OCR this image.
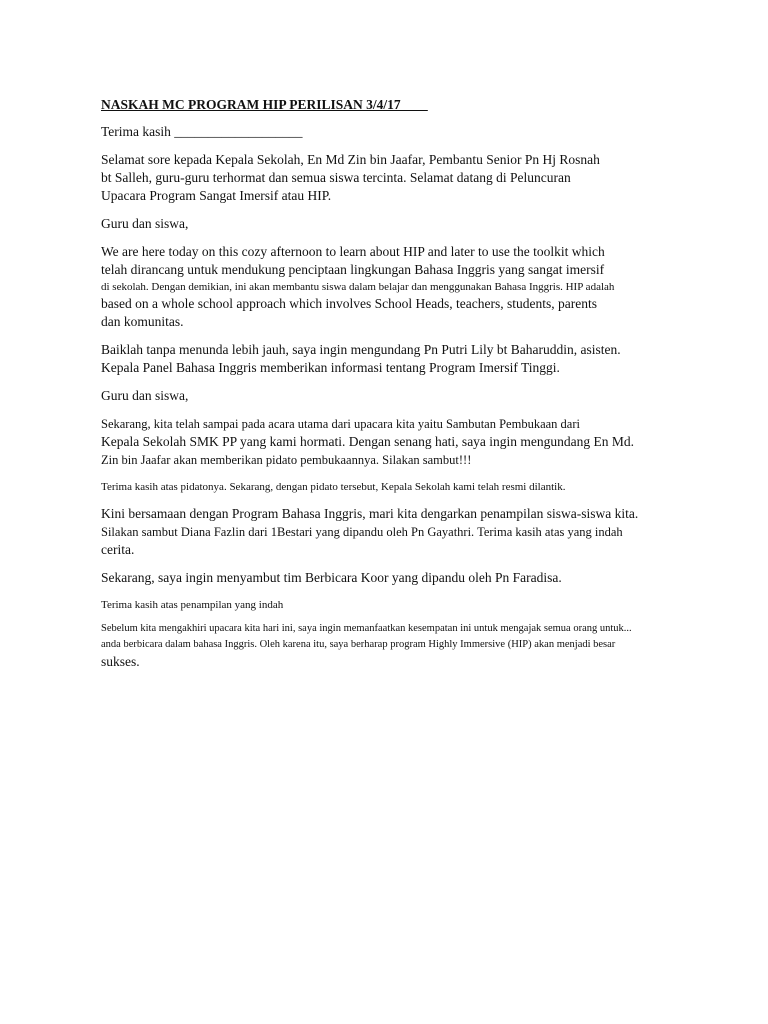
NASKAH MC PROGRAM HIP PERILISAN 3/4/17____
Terima kasih ___________________
Selamat sore kepada Kepala Sekolah, En Md Zin bin Jaafar, Pembantu Senior Pn Hj Rosnah
bt Salleh, guru-guru terhormat dan semua siswa tercinta. Selamat datang di Peluncuran
Upacara Program Sangat Imersif atau HIP.
Guru dan siswa,
We are here today on this cozy afternoon to learn about HIP and later to use the toolkit which
telah dirancang untuk mendukung penciptaan lingkungan Bahasa Inggris yang sangat imersif
di sekolah. Dengan demikian, ini akan membantu siswa dalam belajar dan menggunakan Bahasa Inggris. HIP adalah
based on a whole school approach which involves School Heads, teachers, students, parents
dan komunitas.
Baiklah tanpa menunda lebih jauh, saya ingin mengundang Pn Putri Lily bt Baharuddin, asisten.
Kepala Panel Bahasa Inggris memberikan informasi tentang Program Imersif Tinggi.
Guru dan siswa,
Sekarang, kita telah sampai pada acara utama dari upacara kita yaitu Sambutan Pembukaan dari
Kepala Sekolah SMK PP yang kami hormati. Dengan senang hati, saya ingin mengundang En Md.
Zin bin Jaafar akan memberikan pidato pembukaannya. Silakan sambut!!!
Terima kasih atas pidatonya. Sekarang, dengan pidato tersebut, Kepala Sekolah kami telah resmi dilantik.
Kini bersamaan dengan Program Bahasa Inggris, mari kita dengarkan penampilan siswa-siswa kita.
Silakan sambut Diana Fazlin dari 1Bestari yang dipandu oleh Pn Gayathri. Terima kasih atas yang indah
cerita.
Sekarang, saya ingin menyambut tim Berbicara Koor yang dipandu oleh Pn Faradisa.
Terima kasih atas penampilan yang indah
Sebelum kita mengakhiri upacara kita hari ini, saya ingin memanfaatkan kesempatan ini untuk mengajak semua orang untuk...
anda berbicara dalam bahasa Inggris. Oleh karena itu, saya berharap program Highly Immersive (HIP) akan menjadi besar
sukses.
